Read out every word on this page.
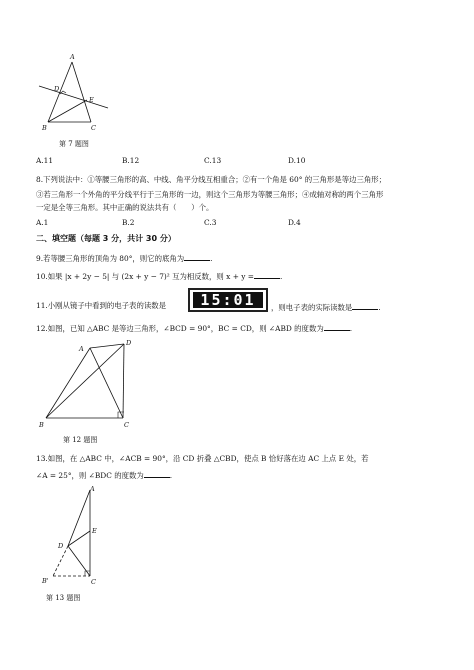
A
D
E
B	C
第 7 题图
A.11	B.12	C.13	D.10
8.下列说法中：①等腰三角形的高、中线、角平分线互相重合；②有一个角是 60° 的三角形是等边三角形；
③若三角形一个外角的平分线平行于三角形的一边，则这个三角形为等腰三角形；④成轴对称的两个三角形
一定是全等三角形。其中正确的说法共有（　　）个。
A.1	B.2	C.3	D.4
二、填空题（每题 3 分，共计 30 分）
9.若等腰三角形的顶角为 80°，则它的底角为	.
10.如果 |x + 2y − 5| 与 (2x + y − 7)² 互为相反数，则 x + y =	.
11.小刚从镜子中看到的电子表的读数是	15:01	，则电子表的实际读数是	.
12.如图，已知 △ABC 是等边三角形，∠BCD = 90°，BC = CD，则 ∠ABD 的度数为	.
A
D
B	C
第 12 题图
13.如图，在 △ABC 中，∠ACB = 90°，沿 CD 折叠 △CBD，使点 B 恰好落在边 AC 上点 E 处，若
∠A = 25°，则 ∠BDC 的度数为	.
A
E
D
B'	C
第 13 题图
